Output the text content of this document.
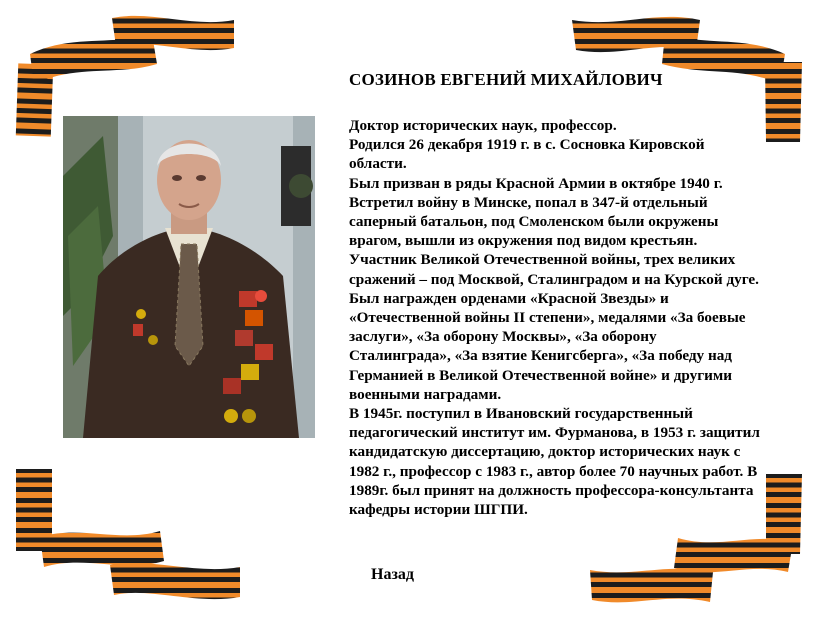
СОЗИНОВ ЕВГЕНИЙ МИХАЙЛОВИЧ

Доктор исторических наук, профессор.

Родился 26 декабря 1919 г. в с. Сосновка Кировской области.

Был призван в ряды Красной Армии в октябре 1940 г. Встретил войну в Минске, попал в 347-й отдельный саперный батальон, под Смоленском были окружены врагом, вышли из окружения под видом крестьян.

Участник Великой Отечественной войны, трех великих сражений – под Москвой, Сталинградом и на Курской дуге. Был награжден орденами «Красной Звезды» и «Отечественной войны II степени», медалями «За боевые заслуги», «За оборону Москвы», «За оборону Сталинграда», «За взятие Кенигсберга», «За победу над Германией в Великой Отечественной войне» и другими военными наградами.

В 1945г. поступил в Ивановский государственный педагогический институт им. Фурманова, в 1953 г. защитил кандидатскую диссертацию, доктор исторических наук с 1982 г., профессор с 1983 г., автор более 70 научных работ. В 1989г. был принят на должность профессора-консультанта кафедры истории ШГПИ.

Назад
